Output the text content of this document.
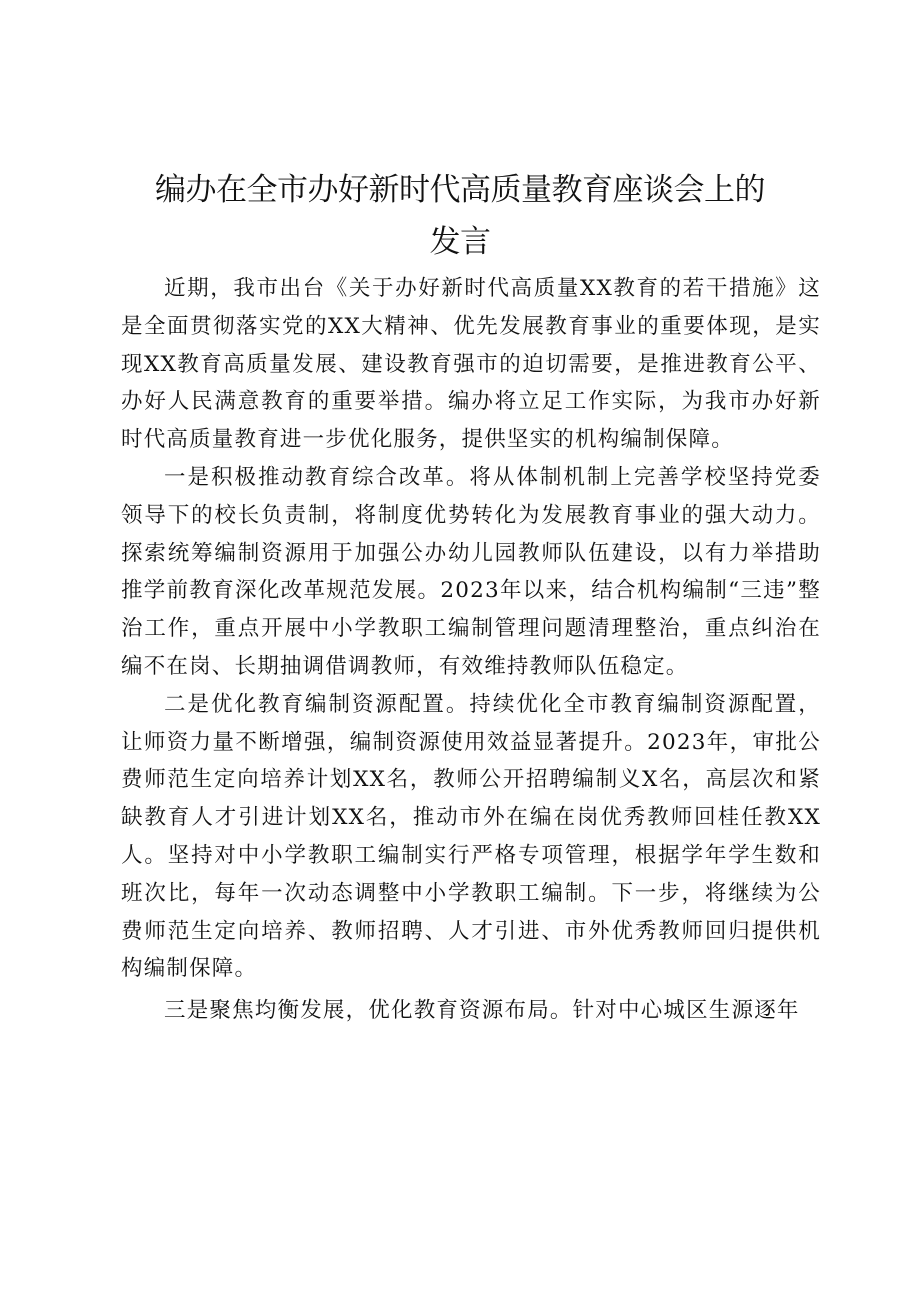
编办在全市办好新时代高质量教育座谈会上的
发言

近期，我市出台《关于办好新时代高质量XX教育的若干措施》这是全面贯彻落实党的XX大精神、优先发展教育事业的重要体现，是实现XX教育高质量发展、建设教育强市的迫切需要，是推进教育公平、办好人民满意教育的重要举措。编办将立足工作实际，为我市办好新时代高质量教育进一步优化服务，提供坚实的机构编制保障。

一是积极推动教育综合改革。将从体制机制上完善学校坚持党委领导下的校长负责制，将制度优势转化为发展教育事业的强大动力。探索统筹编制资源用于加强公办幼儿园教师队伍建设，以有力举措助推学前教育深化改革规范发展。2023年以来，结合机构编制“三违”整治工作，重点开展中小学教职工编制管理问题清理整治，重点纠治在编不在岗、长期抽调借调教师，有效维持教师队伍稳定。

二是优化教育编制资源配置。持续优化全市教育编制资源配置，让师资力量不断增强，编制资源使用效益显著提升。2023年，审批公费师范生定向培养计划XX名，教师公开招聘编制义X名，高层次和紧缺教育人才引进计划XX名，推动市外在编在岗优秀教师回桂任教XX人。坚持对中小学教职工编制实行严格专项管理，根据学年学生数和班次比，每年一次动态调整中小学教职工编制。下一步，将继续为公费师范生定向培养、教师招聘、人才引进、市外优秀教师回归提供机构编制保障。

三是聚焦均衡发展，优化教育资源布局。针对中心城区生源逐年
